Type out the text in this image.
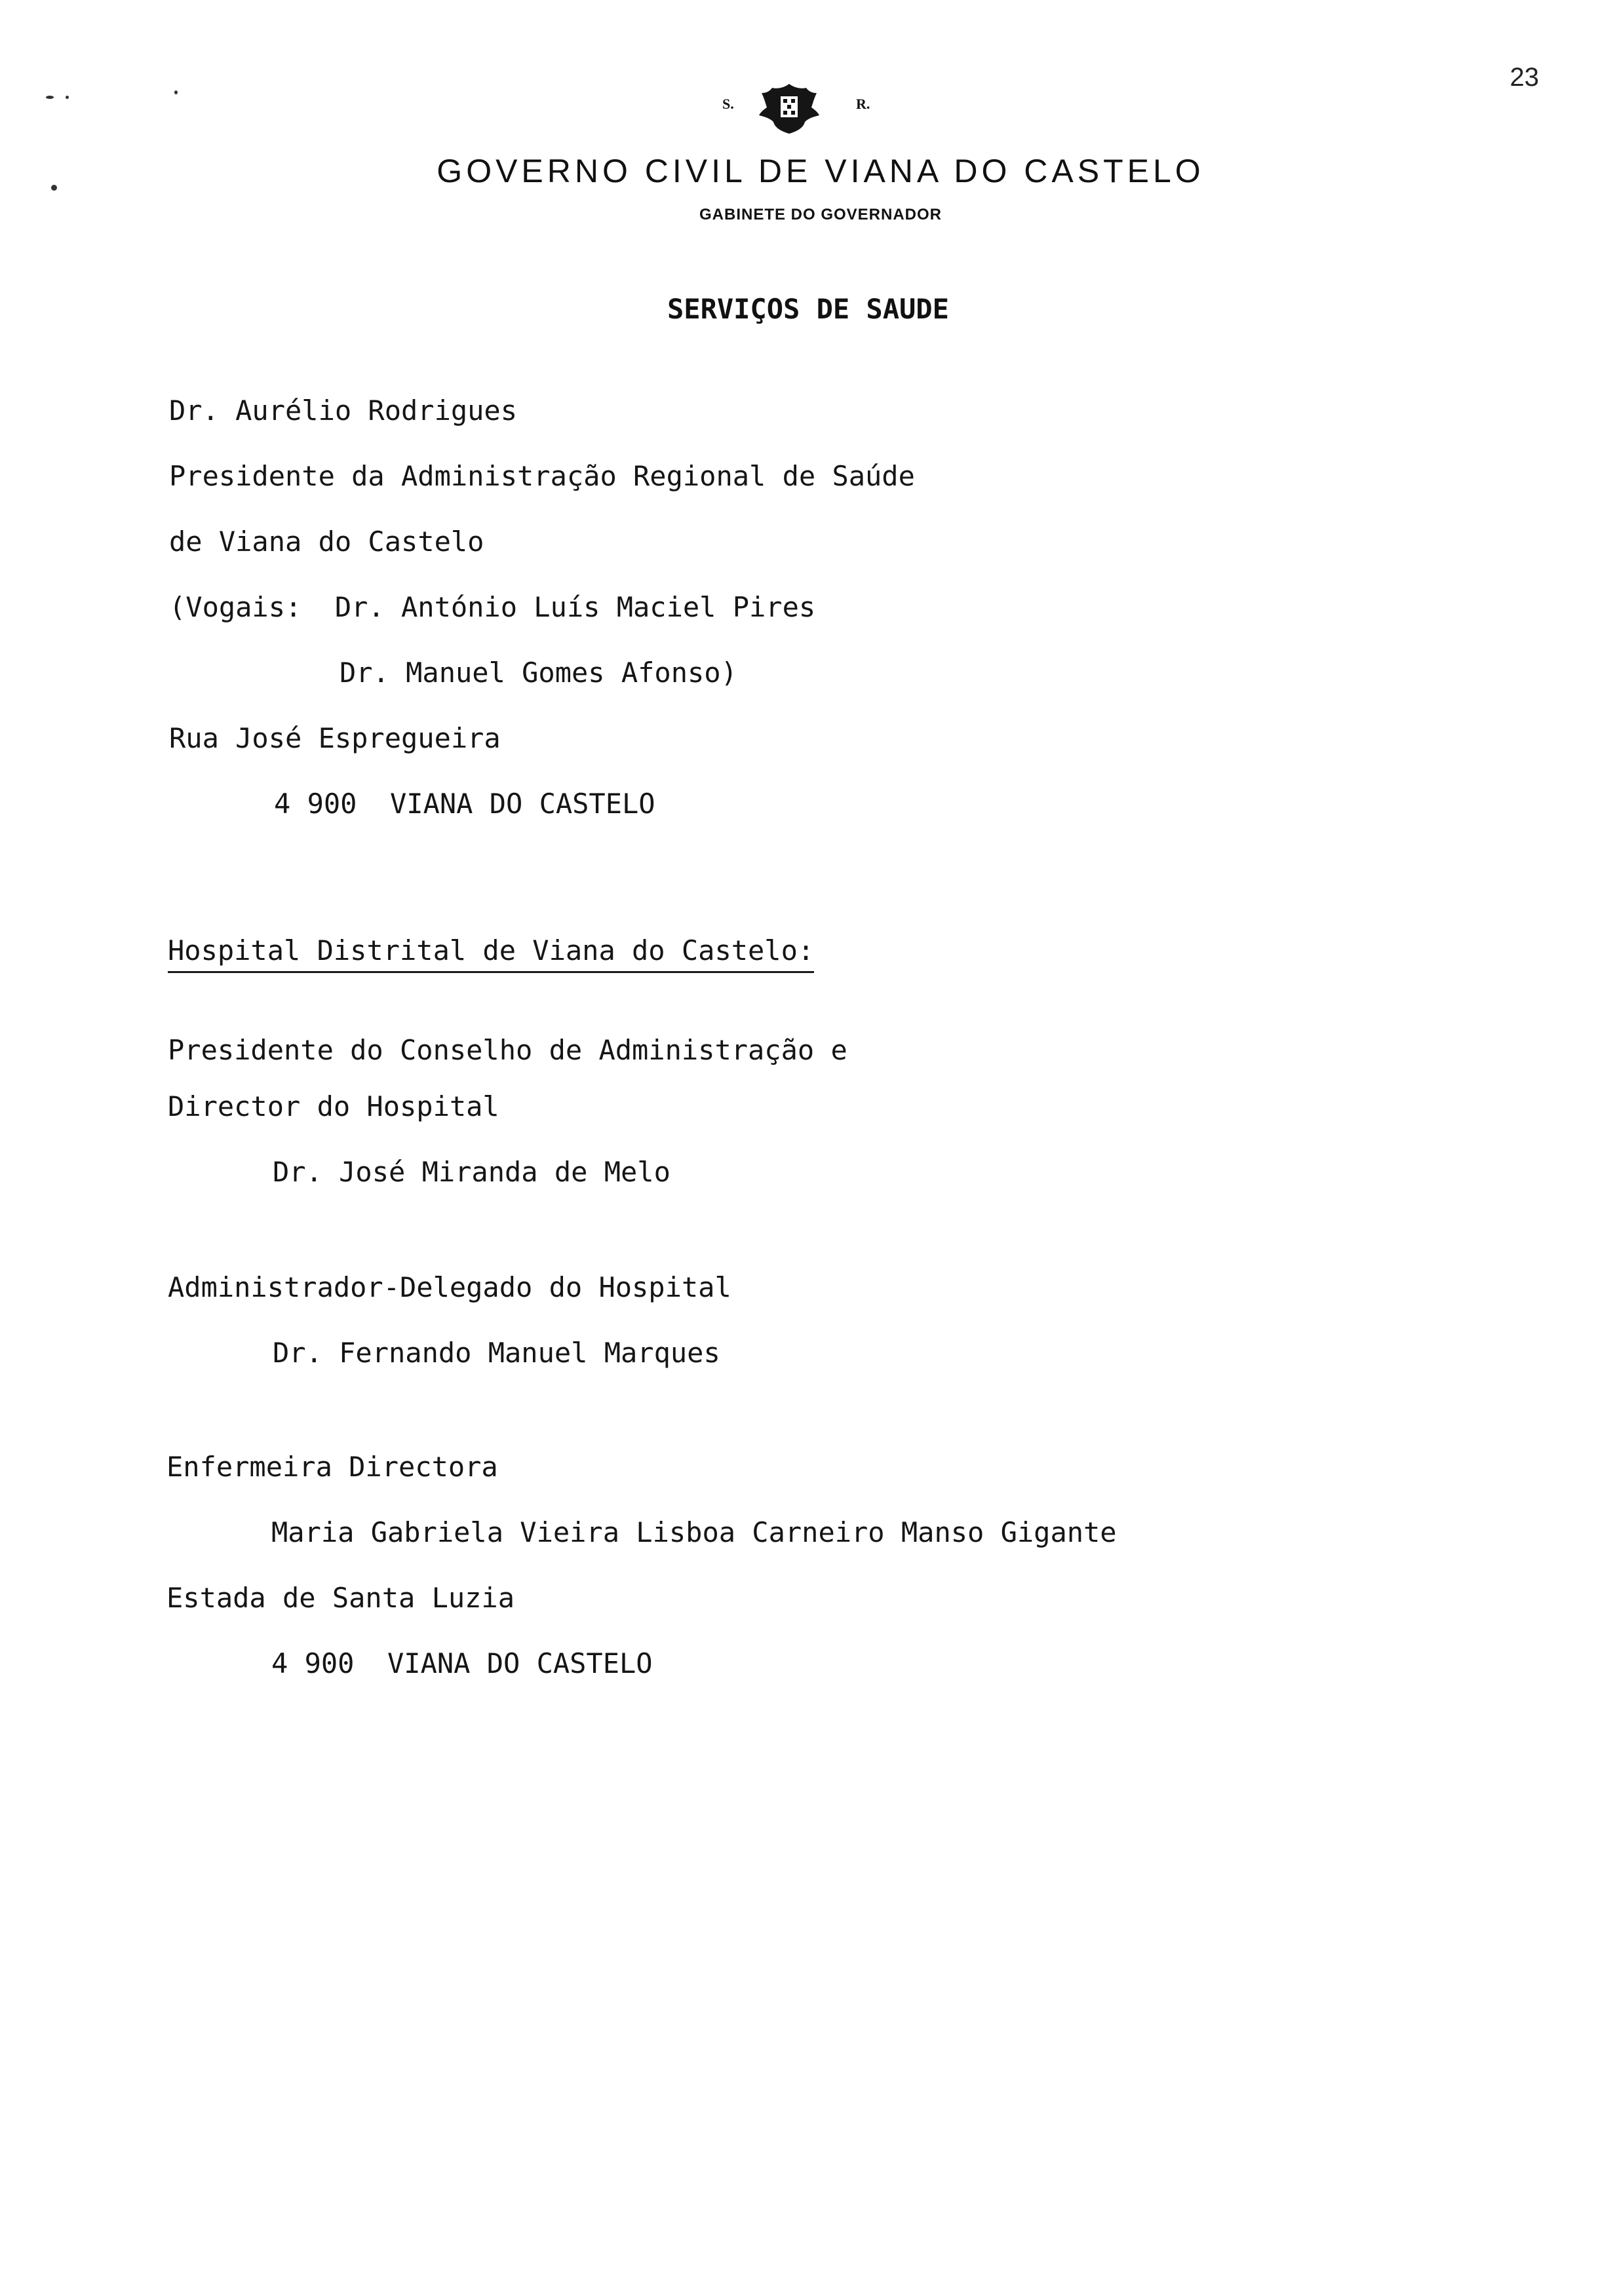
23
S.

	R.
GOVERNO CIVIL DE VIANA DO CASTELO
GABINETE DO GOVERNADOR
SERVIÇOS DE SAUDE
Dr. Aurélio Rodrigues
Presidente da Administração Regional de Saúde
de Viana do Castelo
(Vogais:  Dr. António Luís Maciel Pires
Dr. Manuel Gomes Afonso)
Rua José Espregueira
4 900  VIANA DO CASTELO
Hospital Distrital de Viana do Castelo:
Presidente do Conselho de Administração e
Director do Hospital
Dr. José Miranda de Melo
Administrador-Delegado do Hospital
Dr. Fernando Manuel Marques
Enfermeira Directora
Maria Gabriela Vieira Lisboa Carneiro Manso Gigante
Estada de Santa Luzia
4 900  VIANA DO CASTELO
